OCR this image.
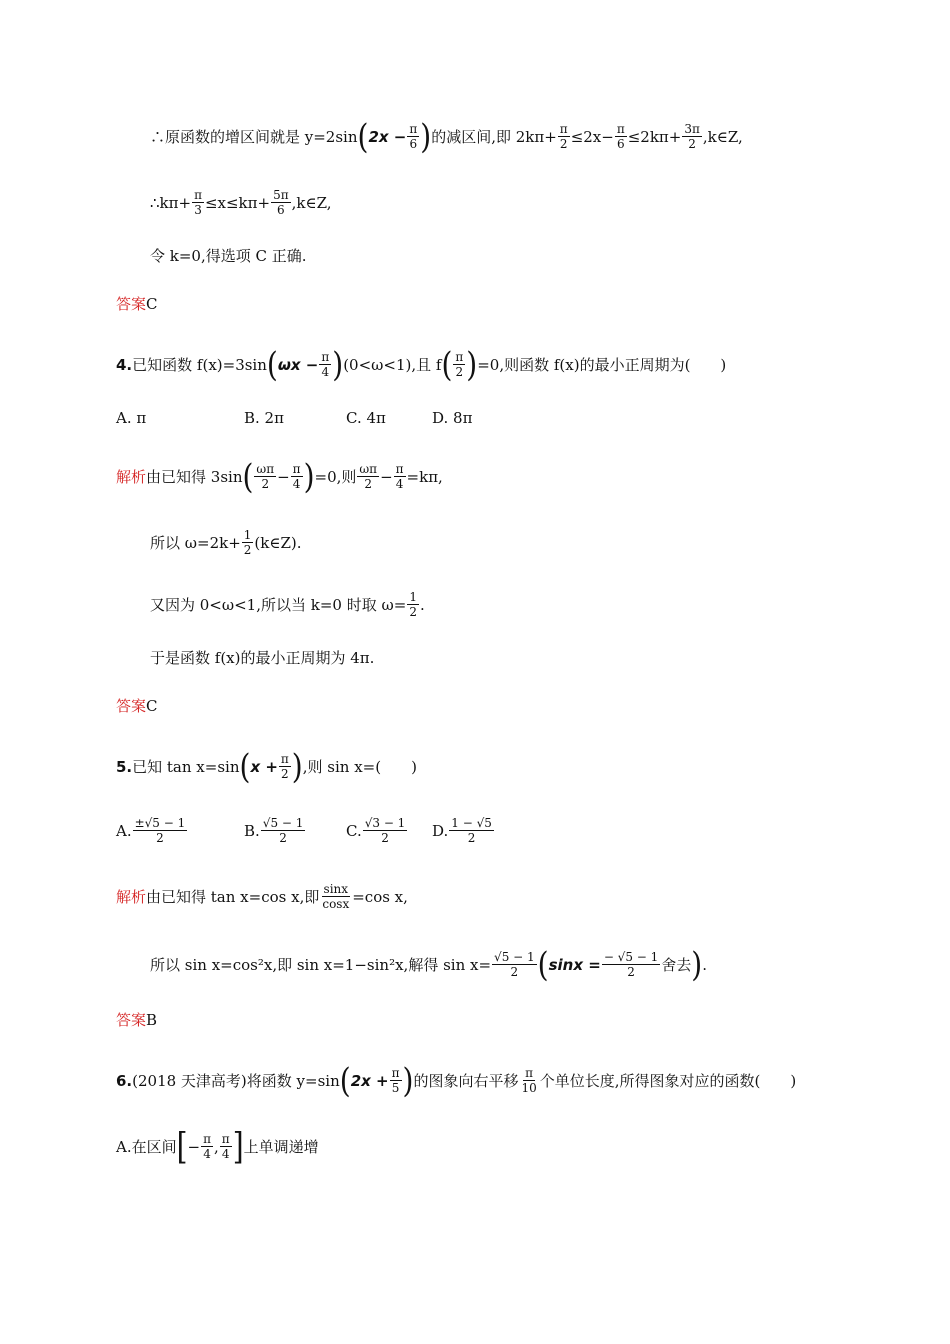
∴原函数的增区间就是 y=2sin ( $2x - \frac{\pi}{6}$ ) 的减区间,即 $2k\pi+ \frac{\pi}{2} \le 2x- \frac{\pi}{6} \le 2k\pi+ \frac{3\pi}{2}$ ,k∈Z,
∴kπ+ $\frac{\pi}{3} \le x\le k\pi+ \frac{5\pi}{6}$ ,k∈Z,
令 k=0,得选项 C 正确.
答案 C
4. 已知函数 f(x)=3sin ( $\omega x - \frac{\pi}{4}$ ) (0<ω<1),且 f ( $\frac{\pi}{2}$ ) =0,则函数 f(x)的最小正周期为(　　)
A. π	B. 2π	C. 4π	D. 8π
解析 由已知得 3sin ( $\frac{\omega\pi}{2} - \frac{\pi}{4}$ ) =0,则 $\frac{\omega\pi}{2} - \frac{\pi}{4} =k\pi$,
所以 $\omega=2k+ \frac{1}{2}$ (k∈Z).
又因为 0<ω<1,所以当 k=0 时取 $\omega= \frac{1}{2}$ .
于是函数 f(x)的最小正周期为 4π.
答案 C
5. 已知 tan x=sin ( $x + \frac{\pi}{2}$ ) ,则 sin x=(　　)
A. $\frac{\pm√5 - 1}{2}$	B. $\frac{√5 - 1}{2}$	C. $\frac{√3 - 1}{2} D$. $\frac{1 - √5}{2}$
解析 由已知得 tan x=cos x,即 $\frac{\sin x}{\cos x} =\cos$ x,
所以 sin x=cos²x,即 sin x=1−sin²x,解得 $\sin x= \frac{√5 - 1}{2}$ ( $\sin x = \frac{- √5 - 1}{2}$ 舍去 ) .
答案 B
6. (2018 天津高考)将函数 y=sin ( $2x + \frac{\pi}{5}$ ) 的图象向右平移 $\frac{\pi}{10}$ 个单位长度,所得图象对应的函数(　　)
A.在区间 [ − $\frac{\pi}{4}$ , $\frac{\pi}{4}$ ] 上单调递增
